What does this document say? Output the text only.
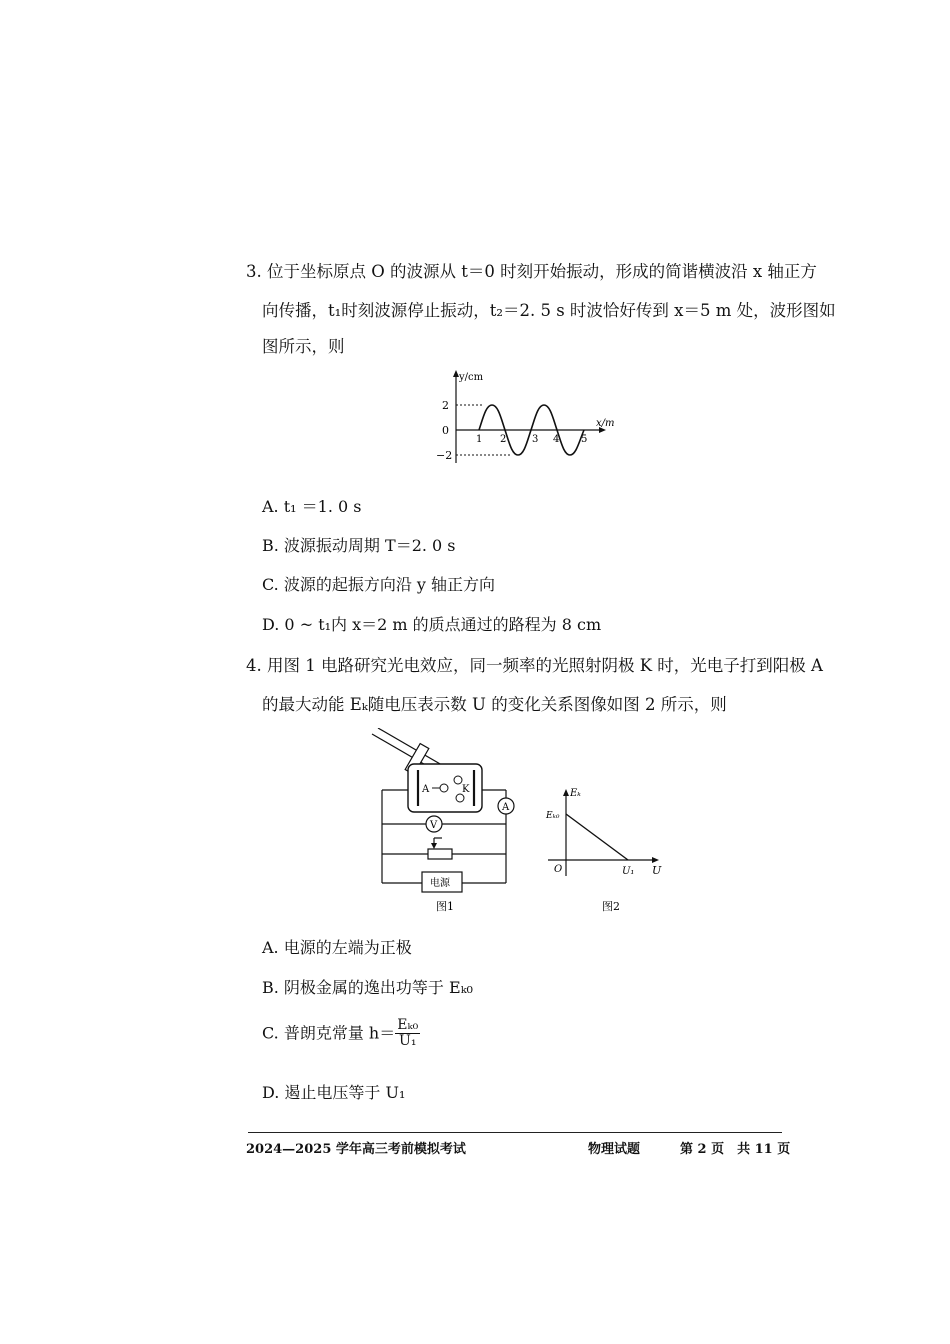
3. 位于坐标原点 O 的波源从 t＝0 时刻开始振动，形成的简谐横波沿 x 轴正方
向传播，t₁时刻波源停止振动，t₂＝2. 5 s 时波恰好传到 x＝5 m 处，波形图如
图所示，则
y/cm
x/m
2
0
−2
1 2	3 4 5
A. t₁ ＝1. 0 s
B. 波源振动周期 T＝2. 0 s
C. 波源的起振方向沿 y 轴正方向
D. 0 ~ t₁内 x＝2 m 的质点通过的路程为 8 cm
4. 用图 1 电路研究光电效应，同一频率的光照射阴极 K 时，光电子打到阳极 A
的最大动能 Eₖ随电压表示数 U 的变化关系图像如图 2 所示，则
A	K
A
V
电源
图1
Eₖ
Eₖ₀
O	U₁ U
图2
A. 电源的左端为正极
B. 阴极金属的逸出功等于 Eₖ₀
C. 普朗克常量 $h= \frac{\text{Eₖ₀}}{\text{U₁}}$
D. 遏止电压等于 U₁
2024—2025 学年高三考前模拟考试	物理试题	第 2 页　共 11 页
